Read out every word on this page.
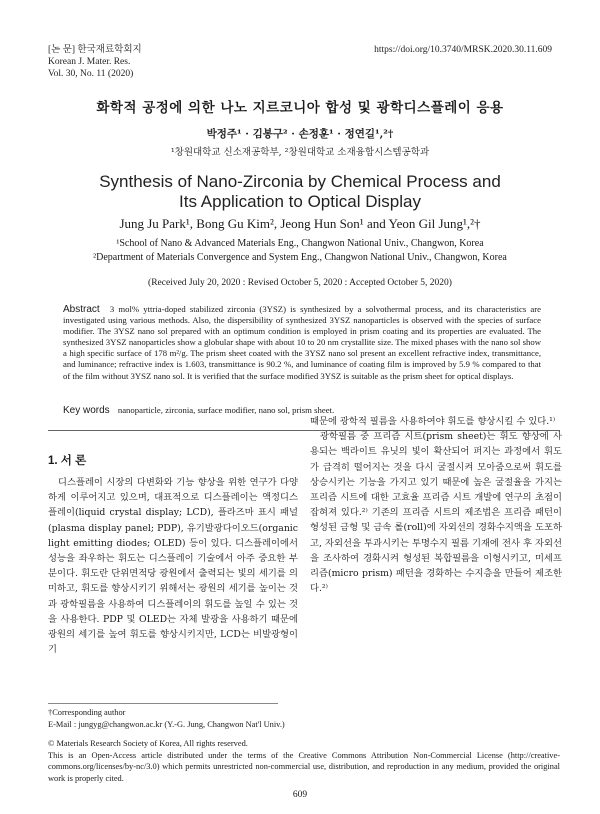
[논 문] 한국재료학회지
Korean J. Mater. Res.
Vol. 30, No. 11 (2020)
https://doi.org/10.3740/MRSK.2020.30.11.609
화학적 공정에 의한 나노 지르코니아 합성 및 광학디스플레이 응용
박정주¹ · 김봉구² · 손정훈¹ · 정연길¹,²†
¹창원대학교 신소재공학부, ²창원대학교 소재융합시스템공학과
Synthesis of Nano-Zirconia by Chemical Process and
Its Application to Optical Display
Jung Ju Park¹, Bong Gu Kim², Jeong Hun Son¹ and Yeon Gil Jung¹,²†
¹School of Nano & Advanced Materials Eng., Changwon National Univ., Changwon, Korea
²Department of Materials Convergence and System Eng., Changwon National Univ., Changwon, Korea
(Received July 20, 2020 : Revised October 5, 2020 : Accepted October 5, 2020)
Abstract 3 mol% yttria-doped stabilized zirconia (3YSZ) is synthesized by a solvothermal process, and its characteristics are investigated using various methods. Also, the dispersibility of synthesized 3YSZ nanoparticles is observed with the species of surface modifier. The 3YSZ nano sol prepared with an optimum condition is employed in prism coating and its properties are evaluated. The synthesized 3YSZ nanoparticles show a globular shape with about 10 to 20 nm crystallite size. The mixed phases with the nano sol show a high specific surface of 178 m²/g. The prism sheet coated with the 3YSZ nano sol present an excellent refractive index, transmittance, and luminance; refractive index is 1.603, transmittance is 90.2 %, and luminance of coating film is improved by 5.9 % compared to that of the film without 3YSZ nano sol. It is verified that the surface modified 3YSZ is suitable as the prism sheet for optical displays.
Key words nanoparticle, zirconia, surface modifier, nano sol, prism sheet.
1. 서 론
디스플레이 시장의 다변화와 기능 향상을 위한 연구가 다양하게 이루어지고 있으며, 대표적으로 디스플레이는 액정디스플레이(liquid crystal display; LCD), 플라즈마 표시 패널(plasma display panel; PDP), 유기발광다이오드(organic light emitting diodes; OLED) 등이 있다. 디스플레이에서 성능을 좌우하는 휘도는 디스플레이 기술에서 아주 중요한 부분이다. 휘도란 단위면적당 광원에서 출력되는 빛의 세기를 의미하고, 휘도를 향상시키기 위해서는 광원의 세기를 높이는 것과 광학필름을 사용하여 디스플레이의 휘도를 높일 수 있는 것을 사용한다. PDP 및 OLED는 자체 발광을 사용하기 때문에 광원의 세기를 높여 휘도를 향상시키지만, LCD는 비발광형이기

때문에 광학적 필름을 사용하여야 휘도를 향상시킬 수 있다.¹⁾

광학필름 중 프리즘 시트(prism sheet)는 휘도 향상에 사용되는 백라이트 유닛의 빛이 확산되어 퍼지는 과정에서 휘도가 급격히 떨어지는 것을 다시 굴절시켜 모아줌으로써 휘도를 상승시키는 기능을 가지고 있기 때문에 높은 굴절율을 가지는 프리즘 시트에 대한 고효율 프리즘 시트 개발에 연구의 초점이 잡혀져 있다.²⁾ 기존의 프리즘 시트의 제조법은 프리즘 패턴이 형성된 금형 및 금속 롤(roll)에 자외선의 경화수지액을 도포하고, 자외선을 투과시키는 투명수지 필름 기재에 전사 후 자외선을 조사하여 경화시켜 형성된 복합필름을 이형시키고, 미세프리즘(micro prism) 패턴을 경화하는 수지층을 만들어 제조한다.²⁾

†Corresponding author
E-Mail : jungyg@changwon.ac.kr (Y.-G. Jung, Changwon Nat'l Univ.)
© Materials Research Society of Korea, All rights reserved.
This is an Open-Access article distributed under the terms of the Creative Commons Attribution Non-Commercial License (http://creative-commons.org/licenses/by-nc/3.0) which permits unrestricted non-commercial use, distribution, and reproduction in any medium, provided the original work is properly cited.
609
